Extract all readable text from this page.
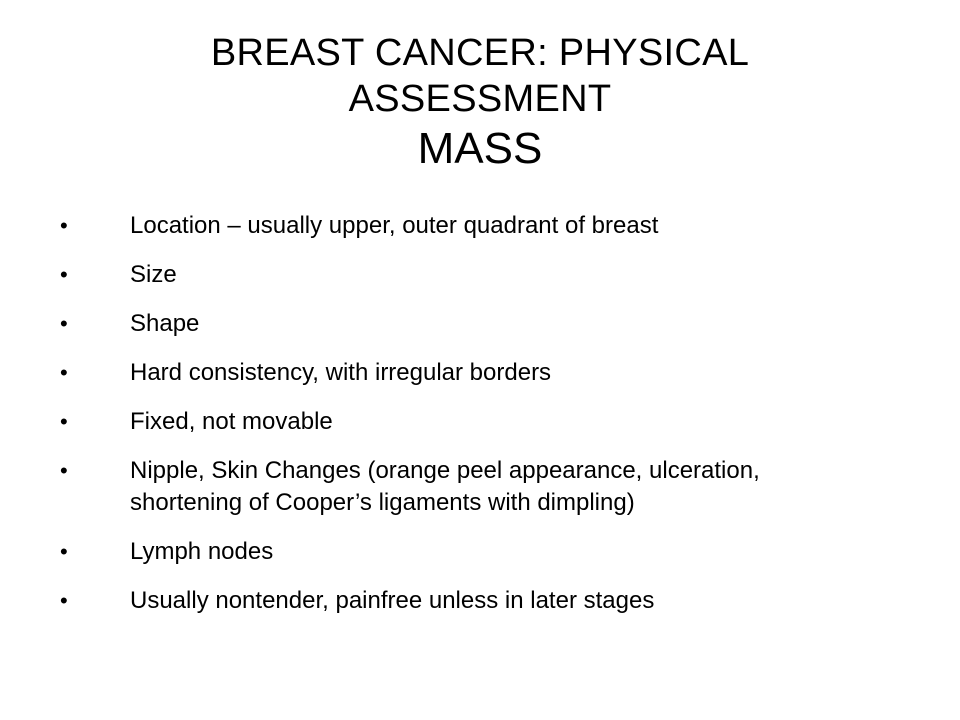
BREAST CANCER: PHYSICAL
ASSESSMENT
MASS
•	Location – usually upper, outer quadrant of breast
•	Size
•	Shape
•	Hard consistency, with irregular borders
•	Fixed, not movable
•	Nipple, Skin Changes (orange peel appearance, ulceration, shortening of Cooper’s ligaments with dimpling)
•	Lymph nodes
•	Usually nontender, painfree unless in later stages
